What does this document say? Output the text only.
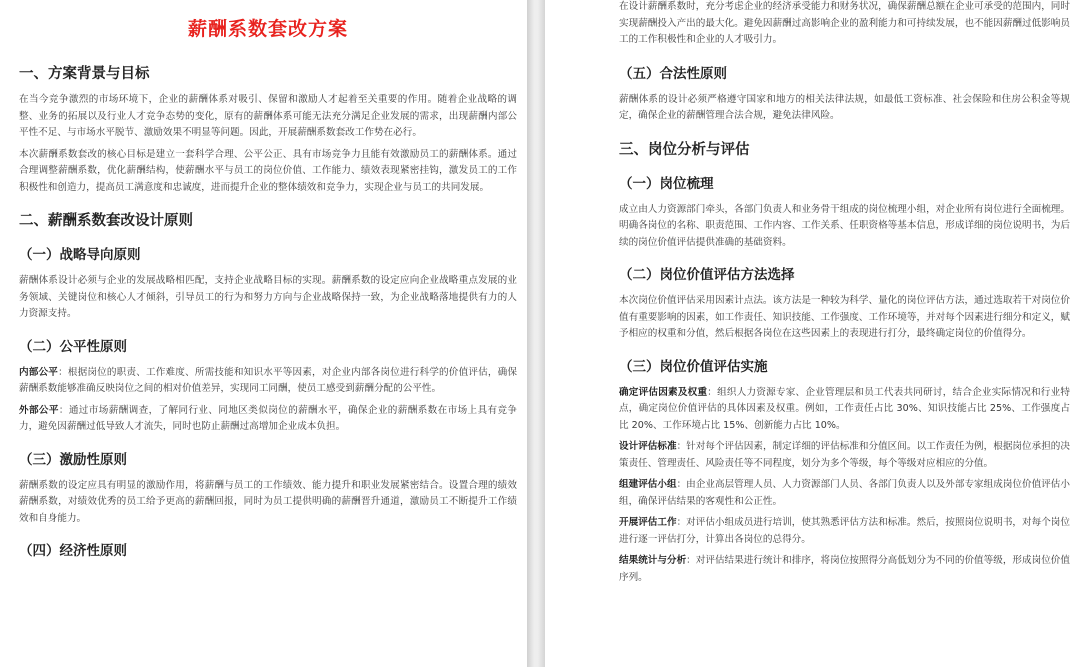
薪酬系数套改方案
一、方案背景与目标

在当今竞争激烈的市场环境下，企业的薪酬体系对吸引、保留和激励人才起着至关重要的作用。随着企业战略的调整、业务的拓展以及行业人才竞争态势的变化，原有的薪酬体系可能无法充分满足企业发展的需求，出现薪酬内部公平性不足、与市场水平脱节、激励效果不明显等问题。因此，开展薪酬系数套改工作势在必行。

本次薪酬系数套改的核心目标是建立一套科学合理、公平公正、具有市场竞争力且能有效激励员工的薪酬体系。通过合理调整薪酬系数，优化薪酬结构，使薪酬水平与员工的岗位价值、工作能力、绩效表现紧密挂钩，激发员工的工作积极性和创造力，提高员工满意度和忠诚度，进而提升企业的整体绩效和竞争力，实现企业与员工的共同发展。

二、薪酬系数套改设计原则
（一）战略导向原则

薪酬体系设计必须与企业的发展战略相匹配，支持企业战略目标的实现。薪酬系数的设定应向企业战略重点发展的业务领域、关键岗位和核心人才倾斜，引导员工的行为和努力方向与企业战略保持一致，为企业战略落地提供有力的人力资源支持。

（二）公平性原则

内部公平：根据岗位的职责、工作难度、所需技能和知识水平等因素，对企业内部各岗位进行科学的价值评估，确保薪酬系数能够准确反映岗位之间的相对价值差异，实现同工同酬，使员工感受到薪酬分配的公平性。

外部公平：通过市场薪酬调查，了解同行业、同地区类似岗位的薪酬水平，确保企业的薪酬系数在市场上具有竞争力，避免因薪酬过低导致人才流失，同时也防止薪酬过高增加企业成本负担。

（三）激励性原则

薪酬系数的设定应具有明显的激励作用，将薪酬与员工的工作绩效、能力提升和职业发展紧密结合。设置合理的绩效薪酬系数，对绩效优秀的员工给予更高的薪酬回报，同时为员工提供明确的薪酬晋升通道，激励员工不断提升工作绩效和自身能力。

（四）经济性原则

在设计薪酬系数时，充分考虑企业的经济承受能力和财务状况，确保薪酬总额在企业可承受的范围内，同时实现薪酬投入产出的最大化。避免因薪酬过高影响企业的盈利能力和可持续发展，也不能因薪酬过低影响员工的工作积极性和企业的人才吸引力。

（五）合法性原则

薪酬体系的设计必须严格遵守国家和地方的相关法律法规，如最低工资标准、社会保险和住房公积金等规定，确保企业的薪酬管理合法合规，避免法律风险。

三、岗位分析与评估
（一）岗位梳理

成立由人力资源部门牵头，各部门负责人和业务骨干组成的岗位梳理小组，对企业所有岗位进行全面梳理。明确各岗位的名称、职责范围、工作内容、工作关系、任职资格等基本信息，形成详细的岗位说明书，为后续的岗位价值评估提供准确的基础资料。

（二）岗位价值评估方法选择

本次岗位价值评估采用因素计点法。该方法是一种较为科学、量化的岗位评估方法，通过选取若干对岗位价值有重要影响的因素，如工作责任、知识技能、工作强度、工作环境等，并对每个因素进行细分和定义，赋予相应的权重和分值，然后根据各岗位在这些因素上的表现进行打分，最终确定岗位的价值得分。

（三）岗位价值评估实施

确定评估因素及权重：组织人力资源专家、企业管理层和员工代表共同研讨，结合企业实际情况和行业特点，确定岗位价值评估的具体因素及权重。例如，工作责任占比 30%、知识技能占比 25%、工作强度占比 20%、工作环境占比 15%、创新能力占比 10%。

设计评估标准：针对每个评估因素，制定详细的评估标准和分值区间。以工作责任为例，根据岗位承担的决策责任、管理责任、风险责任等不同程度，划分为多个等级，每个等级对应相应的分值。

组建评估小组：由企业高层管理人员、人力资源部门人员、各部门负责人以及外部专家组成岗位价值评估小组，确保评估结果的客观性和公正性。

开展评估工作：对评估小组成员进行培训，使其熟悉评估方法和标准。然后，按照岗位说明书，对每个岗位进行逐一评估打分，计算出各岗位的总得分。

结果统计与分析：对评估结果进行统计和排序，将岗位按照得分高低划分为不同的价值等级，形成岗位价值序列。
